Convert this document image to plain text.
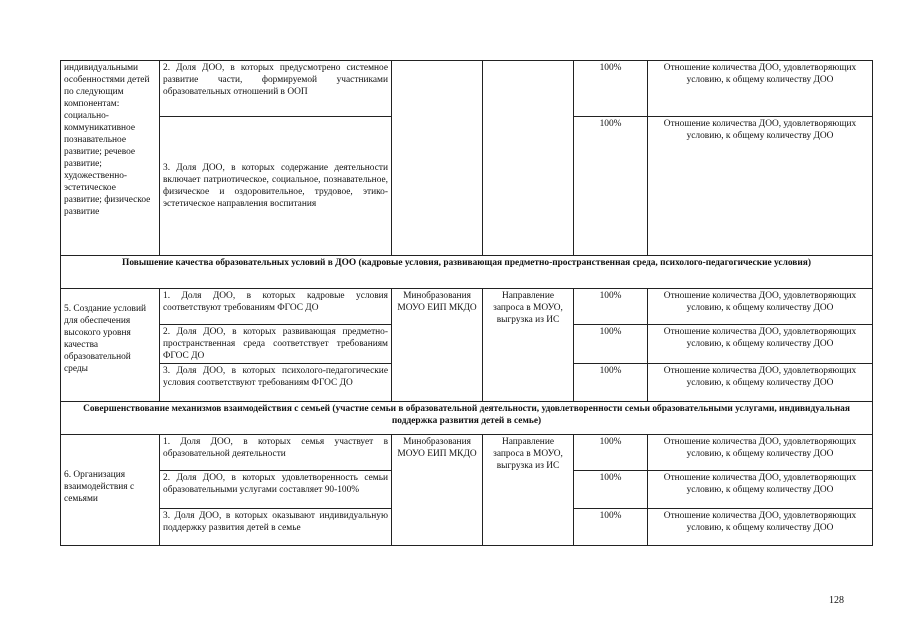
индивидуальными особенностями детей по следующим компонентам: социально-коммуникативное познавательное развитие; речевое развитие; художественно-эстетическое развитие; физическое развитие	2. Доля ДОО, в которых предусмотрено системное развитие части, формируемой участниками образовательных отношений в ООП			100%	Отношение количества ДОО, удовлетворяющих условию, к общему количеству ДОО
	3. Доля ДОО, в которых содержание деятельности включает патриотическое, социальное, познавательное, физическое и оздоровительное, трудовое, этико-эстетическое направления воспитания			100%	Отношение количества ДОО, удовлетворяющих условию, к общему количеству ДОО
Повышение качества образовательных условий в ДОО (кадровые условия, развивающая предметно-пространственная среда, психолого-педагогические условия)					
5. Создание условий для обеспечения высокого уровня качества образовательной среды	1. Доля ДОО, в которых кадровые условия соответствуют требованиям ФГОС ДО	Минобразования МОУО ЕИП МКДО	Направление запроса в МОУО, выгрузка из ИС	100%	Отношение количества ДОО, удовлетворяющих условию, к общему количеству ДОО
	2. Доля ДОО, в которых развивающая предметно-пространственная среда соответствует требованиям ФГОС ДО			100%	Отношение количества ДОО, удовлетворяющих условию, к общему количеству ДОО
	3. Доля ДОО, в которых психолого-педагогические условия соответствуют требованиям ФГОС ДО			100%	Отношение количества ДОО, удовлетворяющих условию, к общему количеству ДОО
Совершенствование механизмов взаимодействия с семьей (участие семьи в образовательной деятельности, удовлетворенности семьи образовательными услугами, индивидуальная поддержка развития детей в семье)					
6. Организация взаимодействия с семьями	1. Доля ДОО, в которых семья участвует в образовательной деятельности	Минобразования МОУО ЕИП МКДО	Направление запроса в МОУО, выгрузка из ИС	100%	Отношение количества ДОО, удовлетворяющих условию, к общему количеству ДОО
	2. Доля ДОО, в которых удовлетворенность семьи образовательными услугами составляет 90-100%			100%	Отношение количества ДОО, удовлетворяющих условию, к общему количеству ДОО
	3. Доля ДОО, в которых оказывают индивидуальную поддержку развития детей в семье			100%	Отношение количества ДОО, удовлетворяющих условию, к общему количеству ДОО
128
